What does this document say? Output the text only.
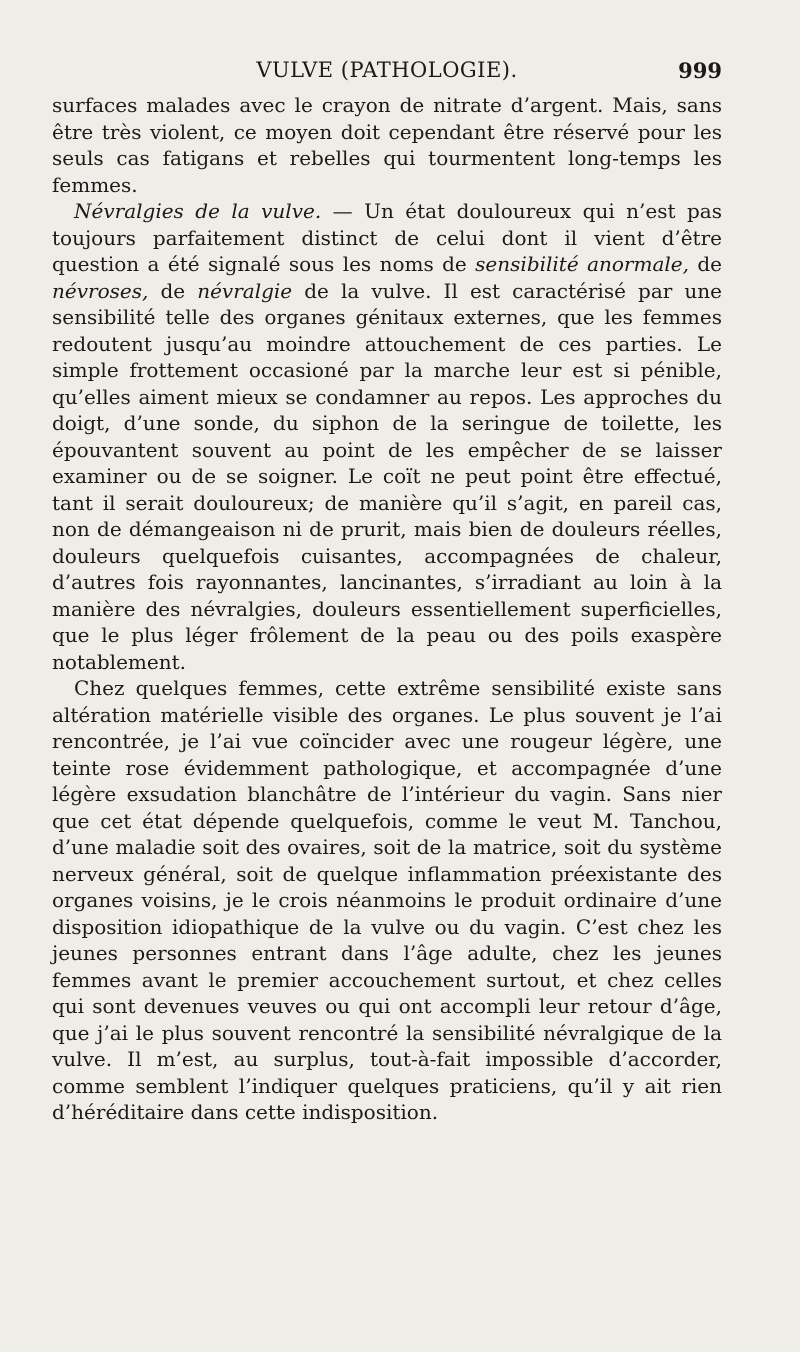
VULVE (PATHOLOGIE).	999

surfaces malades avec le crayon de nitrate d’argent. Mais, sans être très violent, ce moyen doit cependant être réservé pour les seuls cas fatigans et rebelles qui tourmentent long-temps les femmes.

Névralgies de la vulve. — Un état douloureux qui n’est pas toujours parfaitement distinct de celui dont il vient d’être question a été signalé sous les noms de sensibilité anormale, de névroses, de névralgie de la vulve. Il est caractérisé par une sensibilité telle des organes génitaux externes, que les femmes redoutent jusqu’au moindre attouchement de ces parties. Le simple frottement occasioné par la marche leur est si pénible, qu’elles aiment mieux se condamner au repos. Les approches du doigt, d’une sonde, du siphon de la seringue de toilette, les épouvantent souvent au point de les empêcher de se laisser examiner ou de se soigner. Le coït ne peut point être effectué, tant il serait douloureux; de manière qu’il s’agit, en pareil cas, non de démangeaison ni de prurit, mais bien de douleurs réelles, douleurs quelquefois cuisantes, accompagnées de chaleur, d’autres fois rayonnantes, lancinantes, s’irradiant au loin à la manière des névralgies, douleurs essentiellement superficielles, que le plus léger frôlement de la peau ou des poils exaspère notablement.

Chez quelques femmes, cette extrême sensibilité existe sans altération matérielle visible des organes. Le plus souvent je l’ai rencontrée, je l’ai vue coïncider avec une rougeur légère, une teinte rose évidemment pathologique, et accompagnée d’une légère exsudation blanchâtre de l’intérieur du vagin. Sans nier que cet état dépende quelquefois, comme le veut M. Tanchou, d’une maladie soit des ovaires, soit de la matrice, soit du système nerveux général, soit de quelque inflammation préexistante des organes voisins, je le crois néanmoins le produit ordinaire d’une disposition idiopathique de la vulve ou du vagin. C’est chez les jeunes personnes entrant dans l’âge adulte, chez les jeunes femmes avant le premier accouchement surtout, et chez celles qui sont devenues veuves ou qui ont accompli leur retour d’âge, que j’ai le plus souvent rencontré la sensibilité névralgique de la vulve. Il m’est, au surplus, tout-à-fait impossible d’accorder, comme semblent l’indiquer quelques praticiens, qu’il y ait rien d’héréditaire dans cette indisposition.
